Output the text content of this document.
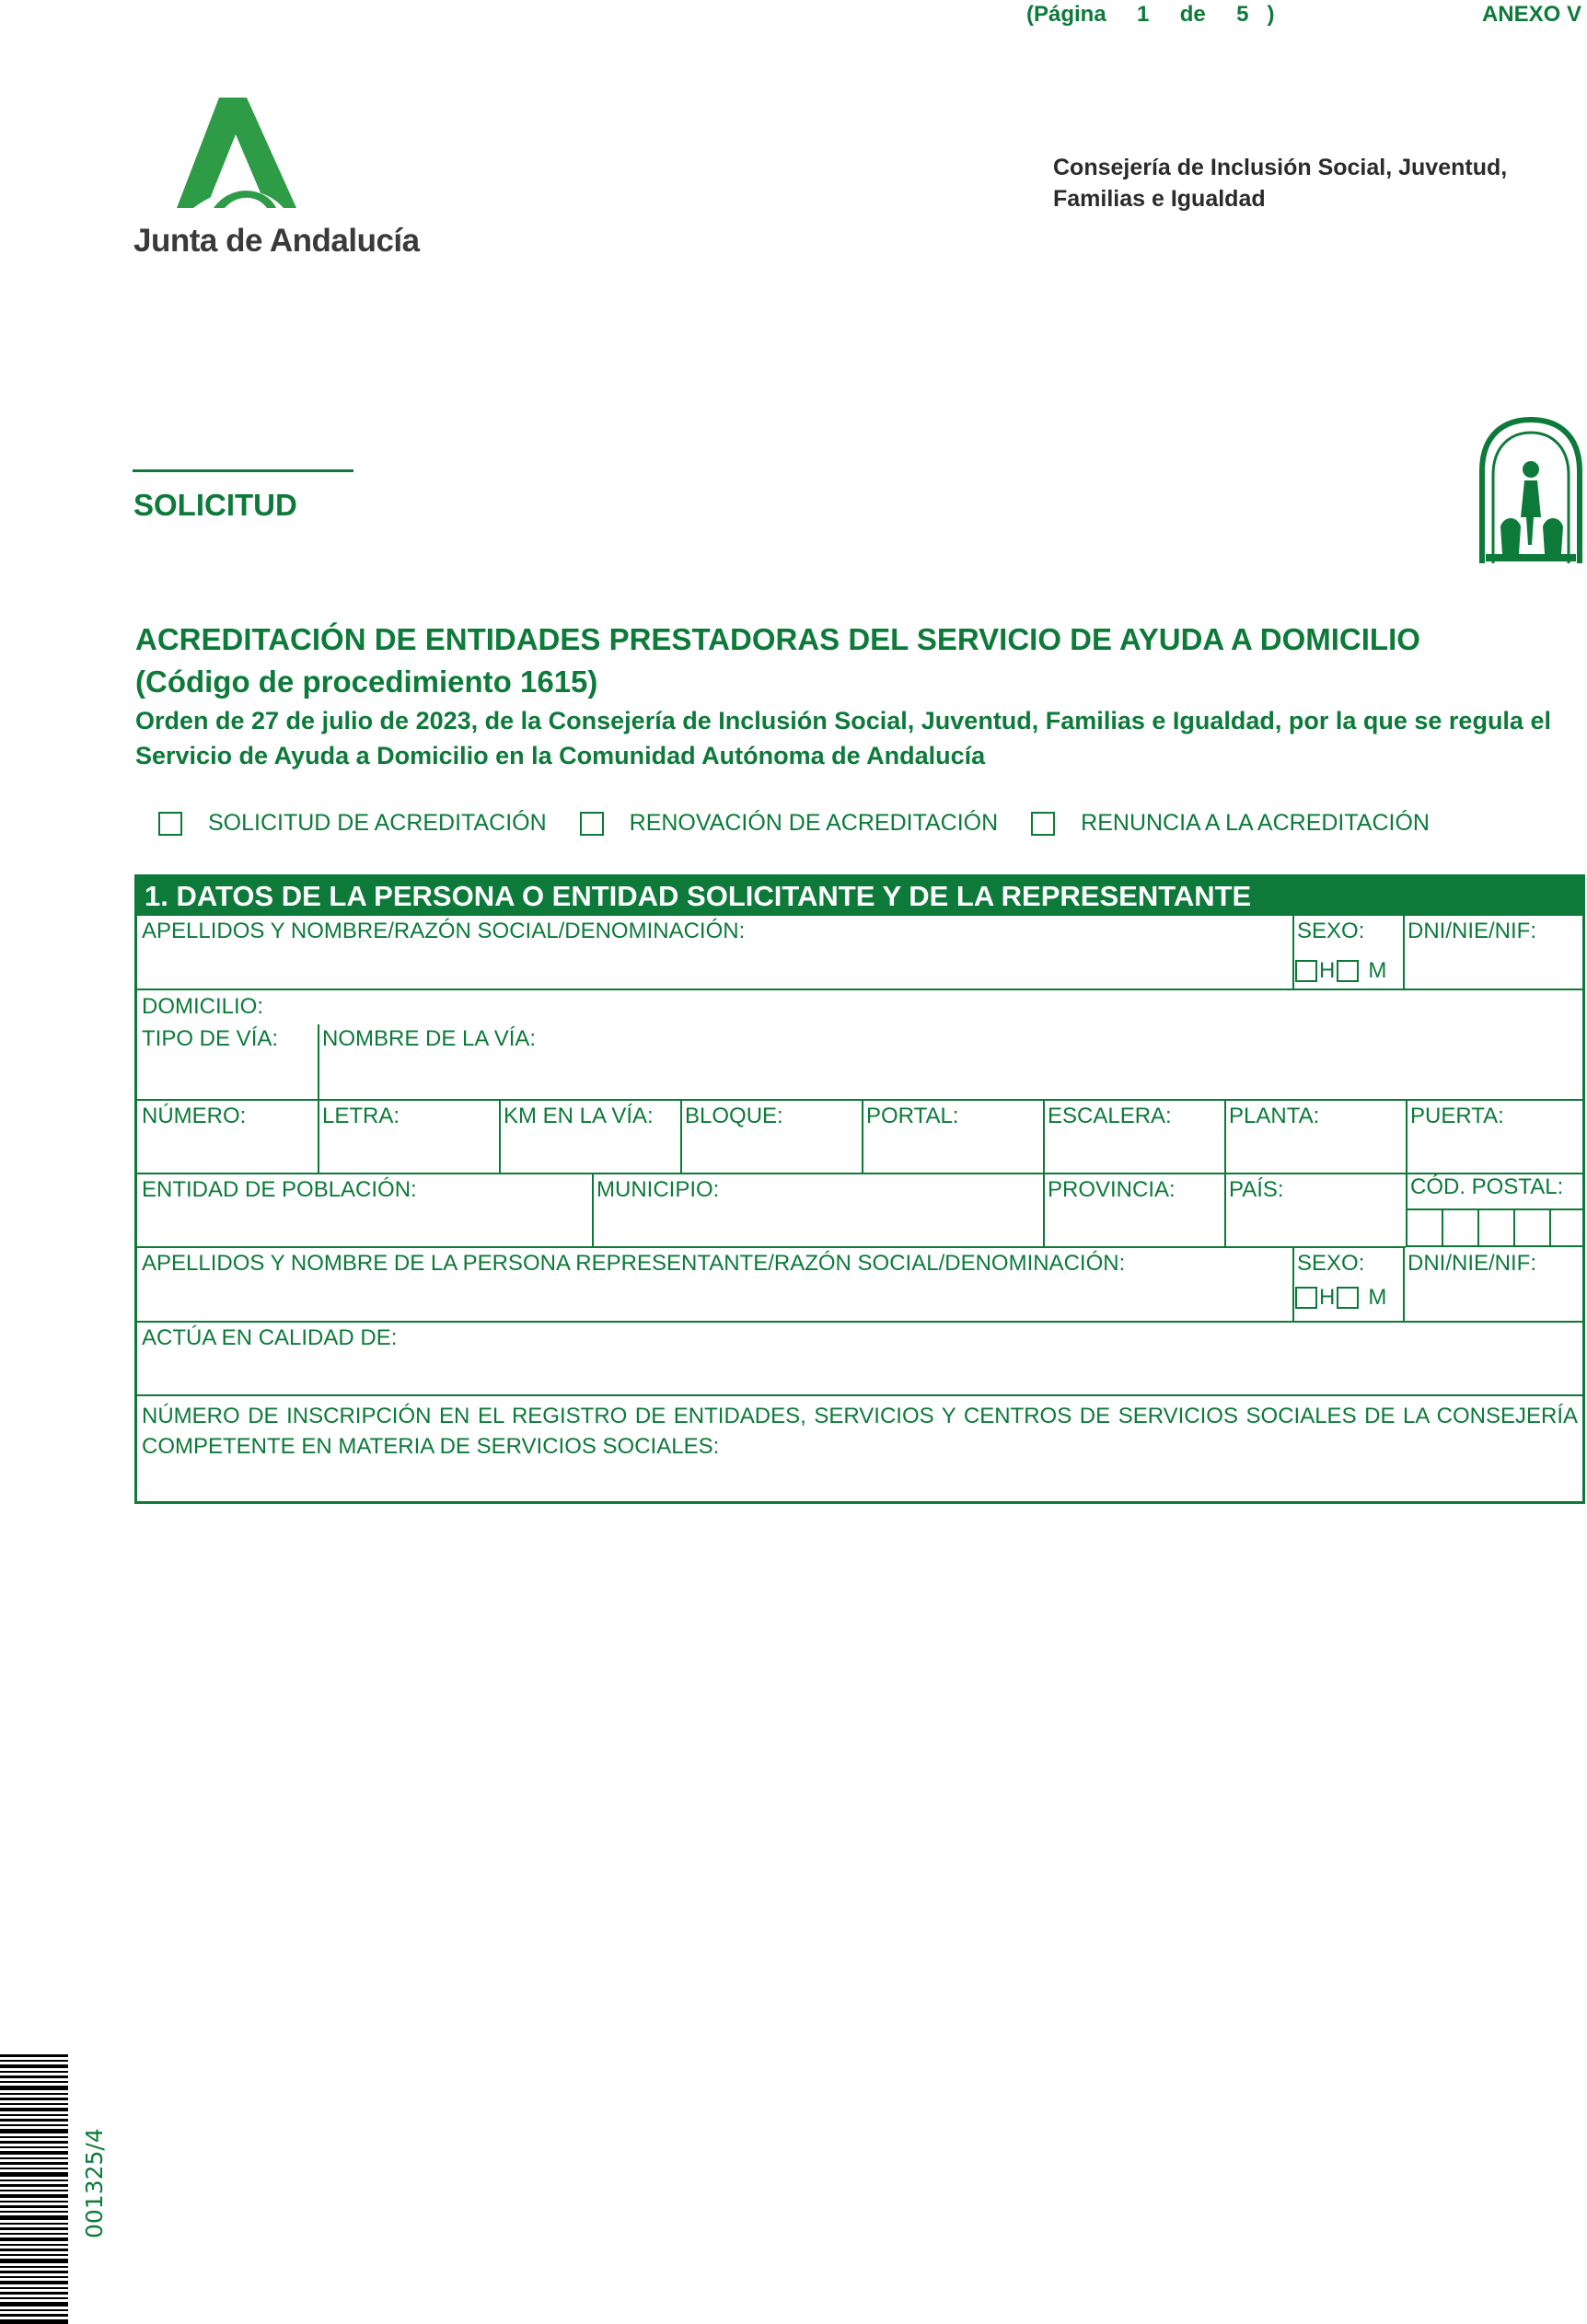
(Página 1 de 5 )	ANEXO V
Junta de Andalucía
Consejería de Inclusión Social, Juventud, Familias e Igualdad
SOLICITUD
ACREDITACIÓN DE ENTIDADES PRESTADORAS DEL SERVICIO DE AYUDA A DOMICILIO
(Código de procedimiento 1615)
Orden de 27 de julio de 2023, de la Consejería de Inclusión Social, Juventud, Familias e Igualdad, por la que se regula el Servicio de Ayuda a Domicilio en la Comunidad Autónoma de Andalucía
SOLICITUD DE ACREDITACIÓN	RENOVACIÓN DE ACREDITACIÓN	RENUNCIA A LA ACREDITACIÓN
1. DATOS DE LA PERSONA O ENTIDAD SOLICITANTE Y DE LA REPRESENTANTE
APELLIDOS Y NOMBRE/RAZÓN SOCIAL/DENOMINACIÓN:	SEXO:
H M
DNI/NIE/NIF:
DOMICILIO:
TIPO DE VÍA:	NOMBRE DE LA VÍA:
NÚMERO:	LETRA:	KM EN LA VÍA:	BLOQUE:	PORTAL:	ESCALERA:	PLANTA:	PUERTA:
ENTIDAD DE POBLACIÓN:	MUNICIPIO:	PROVINCIA:	PAÍS:	CÓD. POSTAL:
APELLIDOS Y NOMBRE DE LA PERSONA REPRESENTANTE/RAZÓN SOCIAL/DENOMINACIÓN:	SEXO:
H M
DNI/NIE/NIF:
ACTÚA EN CALIDAD DE:
NÚMERO DE INSCRIPCIÓN EN EL REGISTRO DE ENTIDADES, SERVICIOS Y CENTROS DE SERVICIOS SOCIALES DE LA CONSEJERÍA COMPETENTE EN MATERIA DE SERVICIOS SOCIALES:
001325/4
